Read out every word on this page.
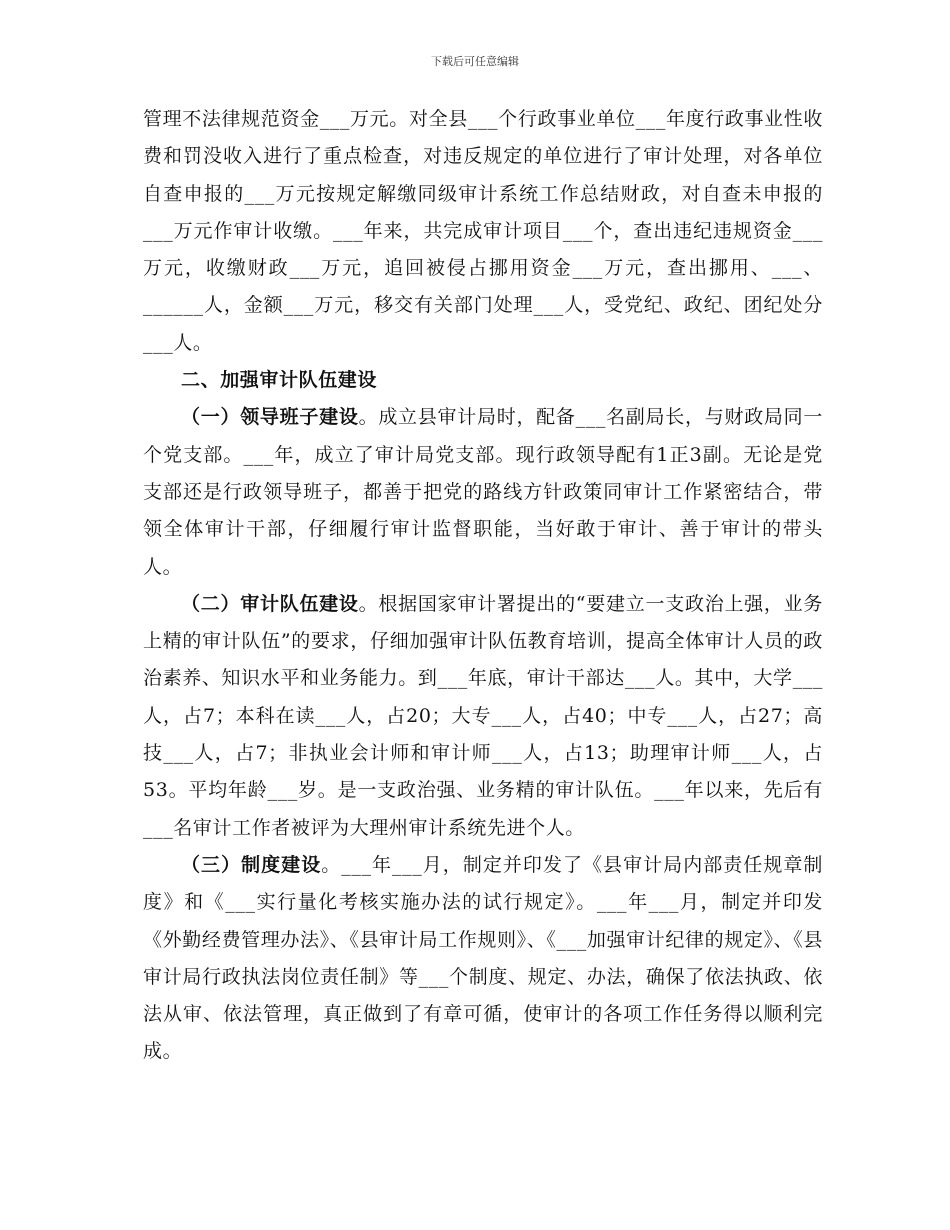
下载后可任意编辑

管理不法律规范资金___万元。对全县___个行政事业单位___年度行政事业性收费和罚没收入进行了重点检查，对违反规定的单位进行了审计处理，对各单位自查申报的___万元按规定解缴同级审计系统工作总结财政，对自查未申报的___万元作审计收缴。___年来，共完成审计项目___个，查出违纪违规资金___万元，收缴财政___万元，追回被侵占挪用资金___万元，查出挪用、___、______人，金额___万元，移交有关部门处理___人，受党纪、政纪、团纪处分___人。

二、加强审计队伍建设

（一）领导班子建设。成立县审计局时，配备___名副局长，与财政局同一个党支部。___年，成立了审计局党支部。现行政领导配有1正3副。无论是党支部还是行政领导班子，都善于把党的路线方针政策同审计工作紧密结合，带领全体审计干部，仔细履行审计监督职能，当好敢于审计、善于审计的带头人。

（二）审计队伍建设。根据国家审计署提出的“要建立一支政治上强，业务上精的审计队伍”的要求，仔细加强审计队伍教育培训，提高全体审计人员的政治素养、知识水平和业务能力。到___年底，审计干部达___人。其中，大学___人，占7；本科在读___人，占20；大专___人，占40；中专___人，占27；高技___人，占7；非执业会计师和审计师___人，占13；助理审计师___人，占53。平均年龄___岁。是一支政治强、业务精的审计队伍。___年以来，先后有___名审计工作者被评为大理州审计系统先进个人。

（三）制度建设。___年___月，制定并印发了《县审计局内部责任规章制度》和《___实行量化考核实施办法的试行规定》。___年___月，制定并印发《外勤经费管理办法》、《县审计局工作规则》、《___加强审计纪律的规定》、《县审计局行政执法岗位责任制》等___个制度、规定、办法，确保了依法执政、依法从审、依法管理，真正做到了有章可循，使审计的各项工作任务得以顺利完成。
